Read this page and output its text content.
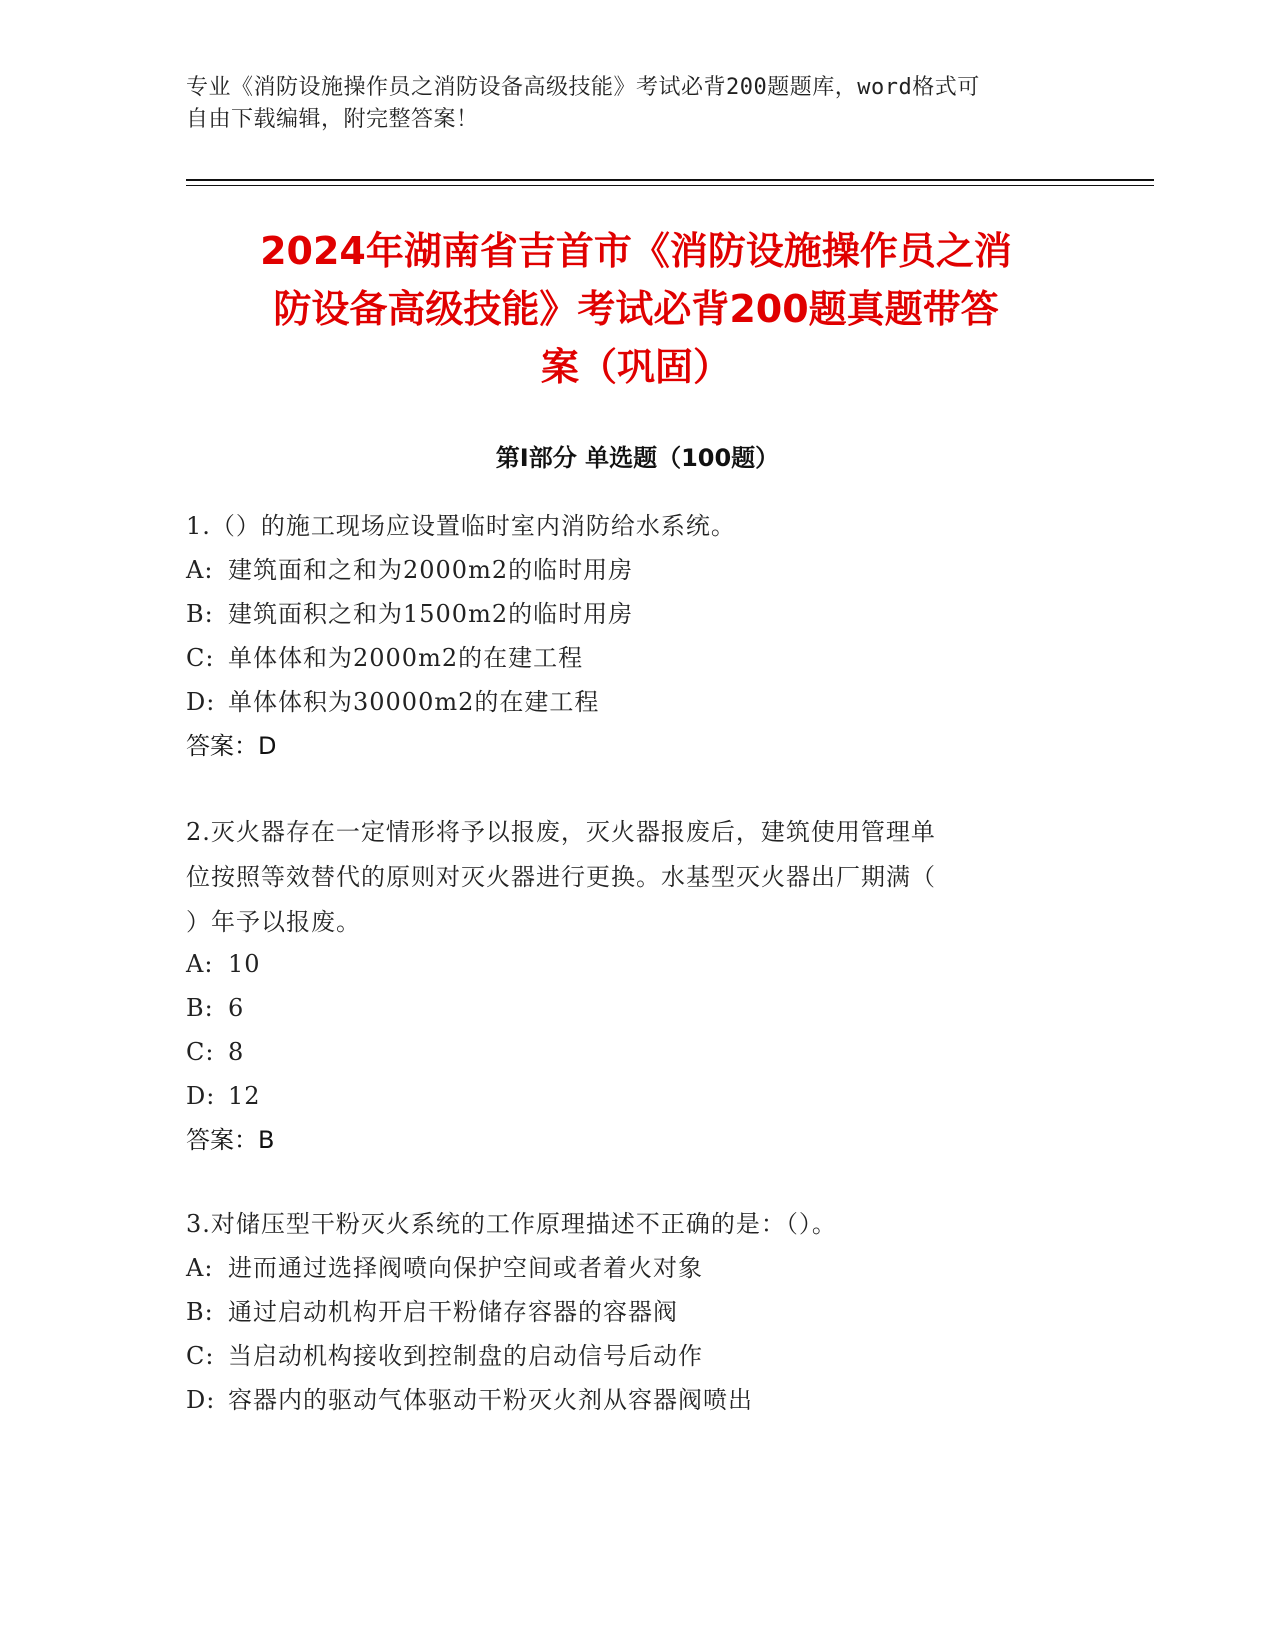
专业《消防设施操作员之消防设备高级技能》考试必背200题题库，word格式可
自由下载编辑，附完整答案！
2024年湖南省吉首市《消防设施操作员之消
防设备高级技能》考试必背200题真题带答
案（巩固）
第I部分 单选题（100题）
1.（）的施工现场应设置临时室内消防给水系统。
A: 建筑面和之和为2000m2的临时用房
B: 建筑面积之和为1500m2的临时用房
C: 单体体和为2000m2的在建工程
D: 单体体积为30000m2的在建工程
答案：D
2.灭火器存在一定情形将予以报废，灭火器报废后，建筑使用管理单
位按照等效替代的原则对灭火器进行更换。水基型灭火器出厂期满（
）年予以报废。
A: 10
B: 6
C: 8
D: 12
答案：B
3.对储压型干粉灭火系统的工作原理描述不正确的是：（）。
A: 进而通过选择阀喷向保护空间或者着火对象
B: 通过启动机构开启干粉储存容器的容器阀
C: 当启动机构接收到控制盘的启动信号后动作
D: 容器内的驱动气体驱动干粉灭火剂从容器阀喷出
